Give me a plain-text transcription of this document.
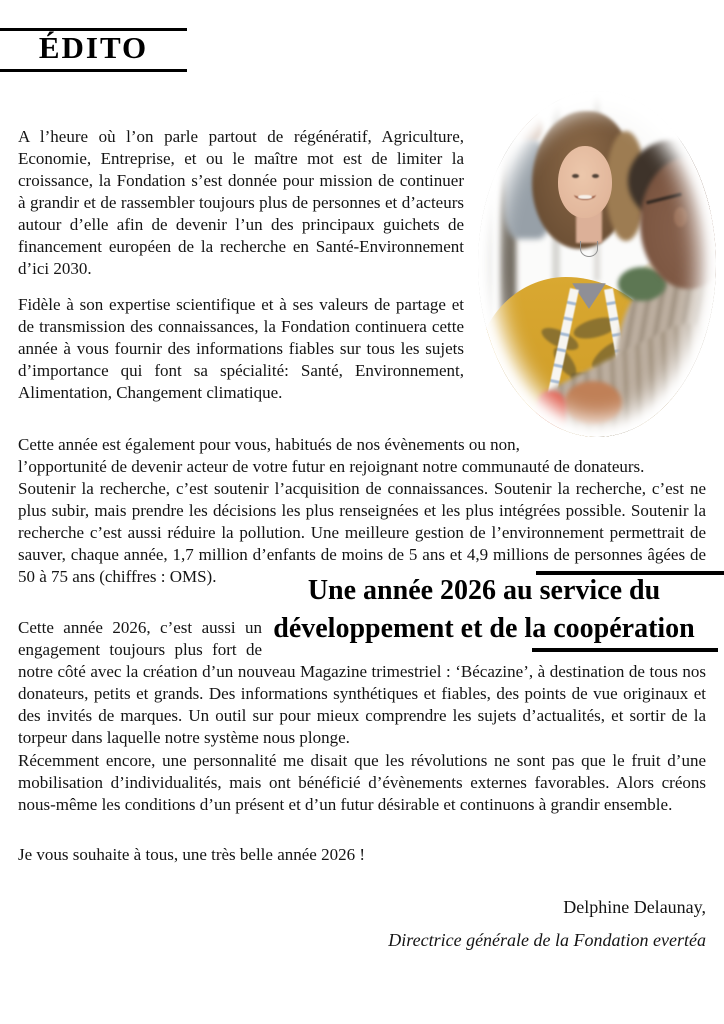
ÉDITO

A l’heure où l’on parle partout de régénératif, Agriculture, Economie, Entreprise, et ou le maître mot est de limiter la croissance, la Fondation s’est donnée pour mission de continuer à grandir et de rassembler toujours plus de personnes et d’acteurs autour d’elle afin de devenir l’un des principaux guichets de financement européen de la recherche en Santé-Environnement d’ici 2030.

Fidèle à son expertise scientifique et à ses valeurs de partage et de transmission des connaissances, la Fondation continuera cette année à vous fournir des informations fiables sur tous les sujets d’importance qui font sa spécialité: Santé, Environnement, Alimentation, Changement climatique.

Cette année est également pour vous, habitués de nos évènements ou non,
l’opportunité de devenir acteur de votre futur en rejoignant notre communauté de donateurs.
Soutenir la recherche, c’est soutenir l’acquisition de connaissances. Soutenir la recherche, c’est ne plus subir, mais prendre les décisions les plus renseignées et les plus intégrées possible. Soutenir la recherche c’est aussi réduire la pollution. Une meilleure gestion de l’environnement permettrait de sauver, chaque année, 1,7 million d’enfants de moins de 5 ans et 4,9 millions de personnes âgées de 50 à 75 ans (chiffres : OMS).	Une année 2026 au service du
développement et de la coopération

Cette année 2026, c’est aussi un engagement toujours plus fort de notre côté avec la création d’un nouveau Magazine trimestriel : ‘Bécazine’, à destination de tous nos donateurs, petits et grands. Des informations synthétiques et fiables, des points de vue originaux et des invités de marques. Un outil sur pour mieux comprendre les sujets d’actualités, et sortir de la torpeur dans laquelle notre système nous plonge.

Récemment encore, une personnalité me disait que les révolutions ne sont pas que le fruit d’une mobilisation d’individualités, mais ont bénéficié d’évènements externes favorables. Alors créons nous-même les conditions d’un présent et d’un futur désirable et continuons à grandir ensemble.

Je vous souhaite à tous, une très belle année 2026 !

Delphine Delaunay,
Directrice générale de la Fondation evertéa
